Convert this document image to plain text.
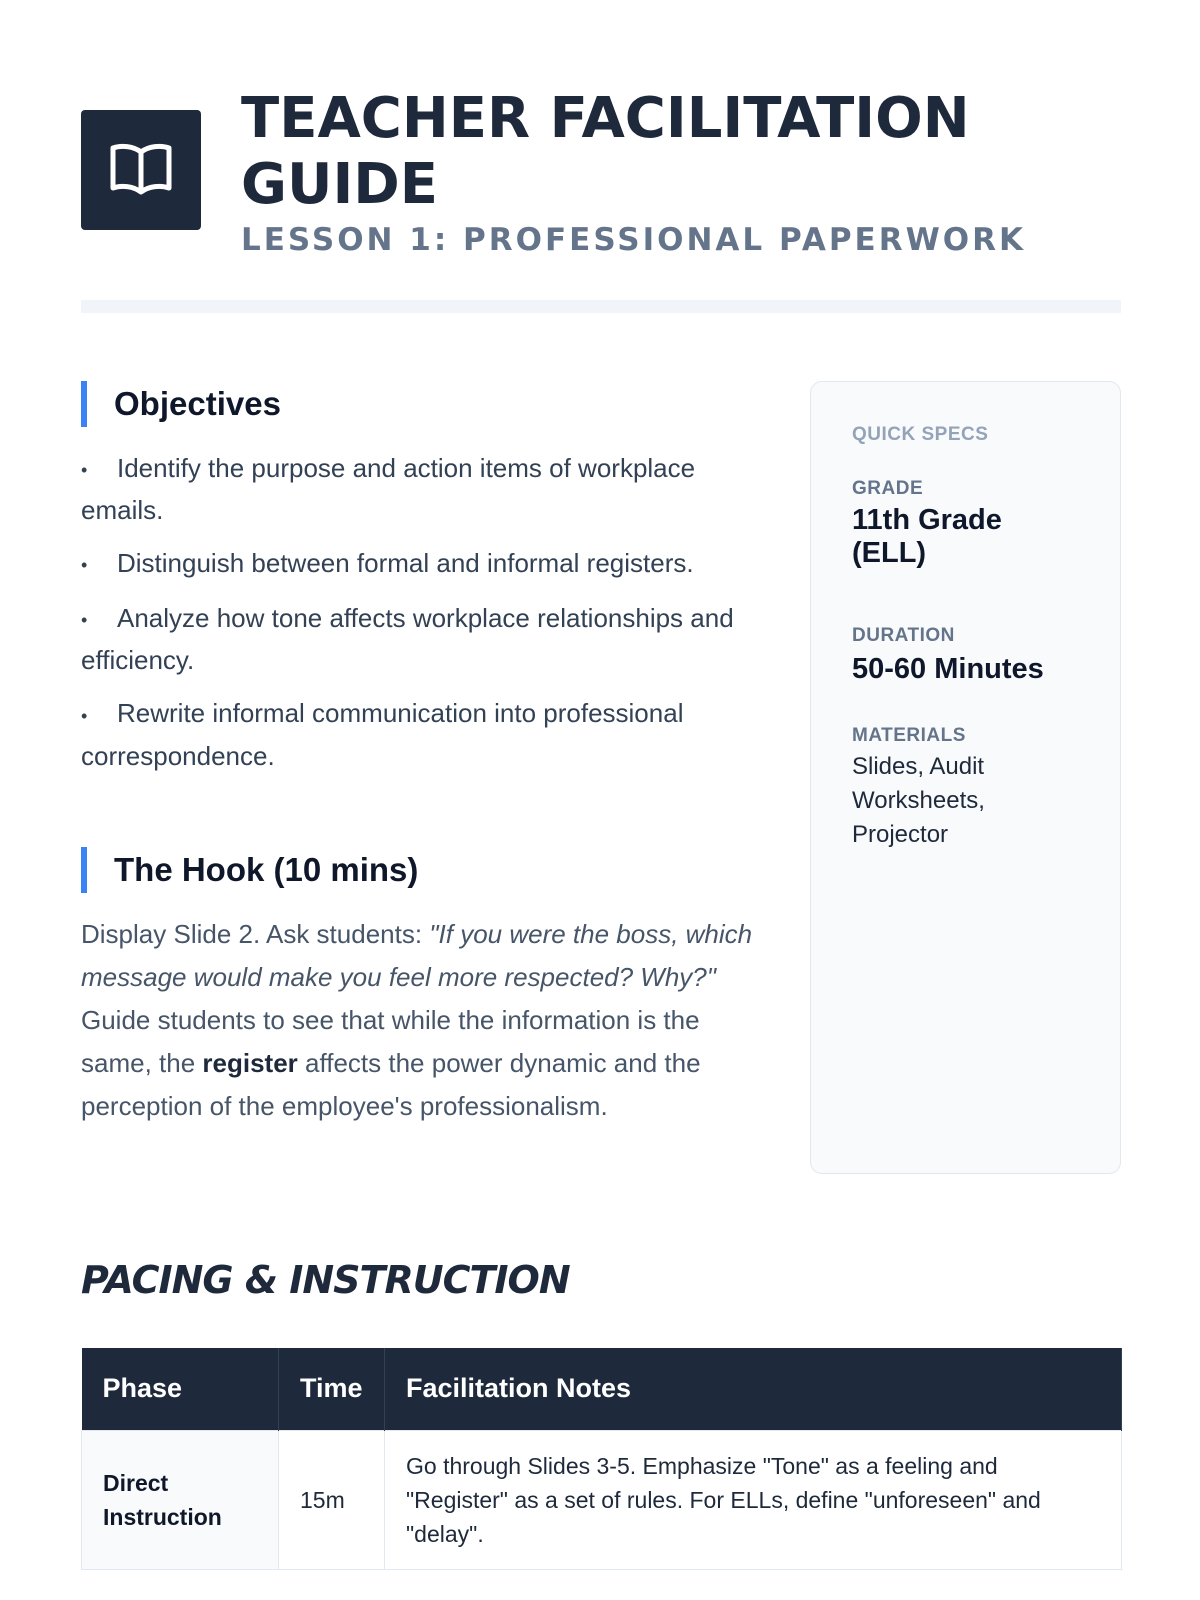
TEACHER FACILITATION
GUIDE
LESSON 1: PROFESSIONAL PAPERWORK
Objectives
• Identify the purpose and action items of workplace emails.
• Distinguish between formal and informal registers.
• Analyze how tone affects workplace relationships and efficiency.
• Rewrite informal communication into professional correspondence.
The Hook (10 mins)

Display Slide 2. Ask students: "If you were the boss, which message would make you feel more respected? Why?" Guide students to see that while the information is the same, the register affects the power dynamic and the perception of the employee's professionalism.

QUICK SPECS
GRADE
11th Grade (ELL)
DURATION
50-60 Minutes
MATERIALS
Slides, Audit Worksheets, Projector
PACING & INSTRUCTION
Phase	Time	Facilitation Notes
Direct Instruction	15m	Go through Slides 3-5. Emphasize "Tone" as a feeling and "Register" as a set of rules. For ELLs, define "unforeseen" and "delay".
